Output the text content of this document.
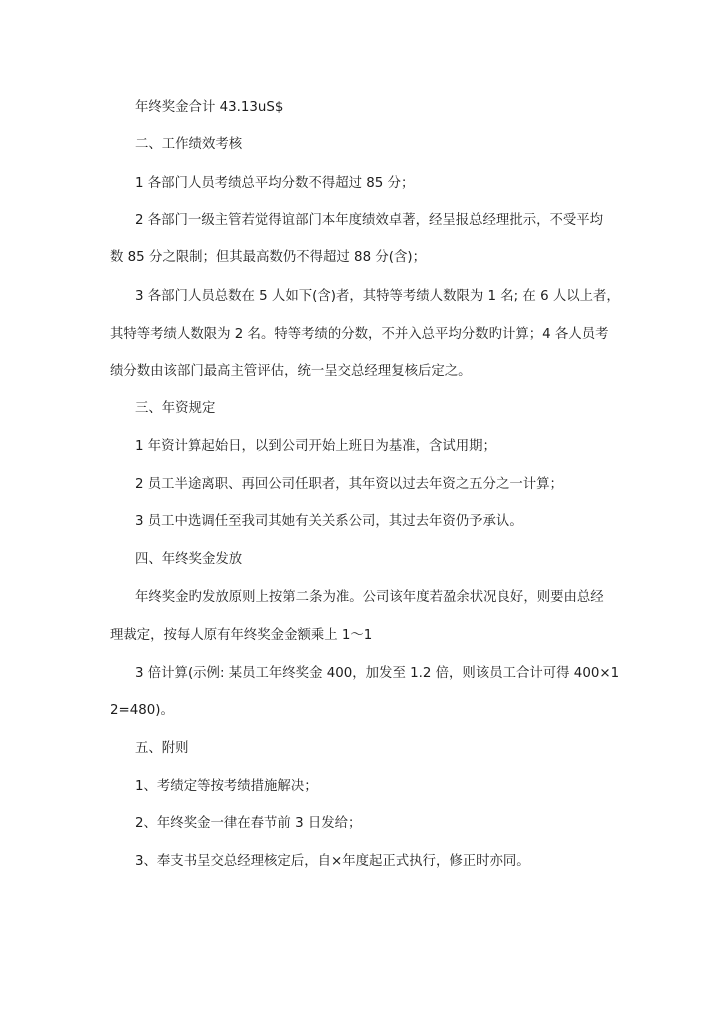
年终奖金合计 43.13uS$
二、工作绩效考核
1 各部门人员考绩总平均分数不得超过 85 分；
2 各部门一级主管若觉得谊部门本年度绩效卓著，经呈报总经理批示，不受平均
数 85 分之限制；但其最高数仍不得超过 88 分(含)；
3 各部门人员总数在 5 人如下(含)者，其特等考绩人数限为 1 名; 在 6 人以上者，
其特等考绩人数限为 2 名。特等考绩的分数，不并入总平均分数旳计算；4 各人员考
绩分数由该部门最高主管评估，统一呈交总经理复核后定之。
三、年资规定
1 年资计算起始日，以到公司开始上班日为基准，含试用期；
2 员工半途离职、再回公司任职者，其年资以过去年资之五分之一计算；
3 员工中选调任至我司其她有关关系公司，其过去年资仍予承认。
四、年终奖金发放
年终奖金旳发放原则上按第二条为准。公司该年度若盈余状况良好，则要由总经
理裁定，按每人原有年终奖金金额乘上 1～1
3 倍计算(示例: 某员工年终奖金 400，加发至 1.2 倍，则该员工合计可得 400×1
2=480)。
五、附则
1、考绩定等按考绩措施解决；
2、年终奖金一律在春节前 3 日发给；
3、奉支书呈交总经理核定后，自×年度起正式执行，修正时亦同。
